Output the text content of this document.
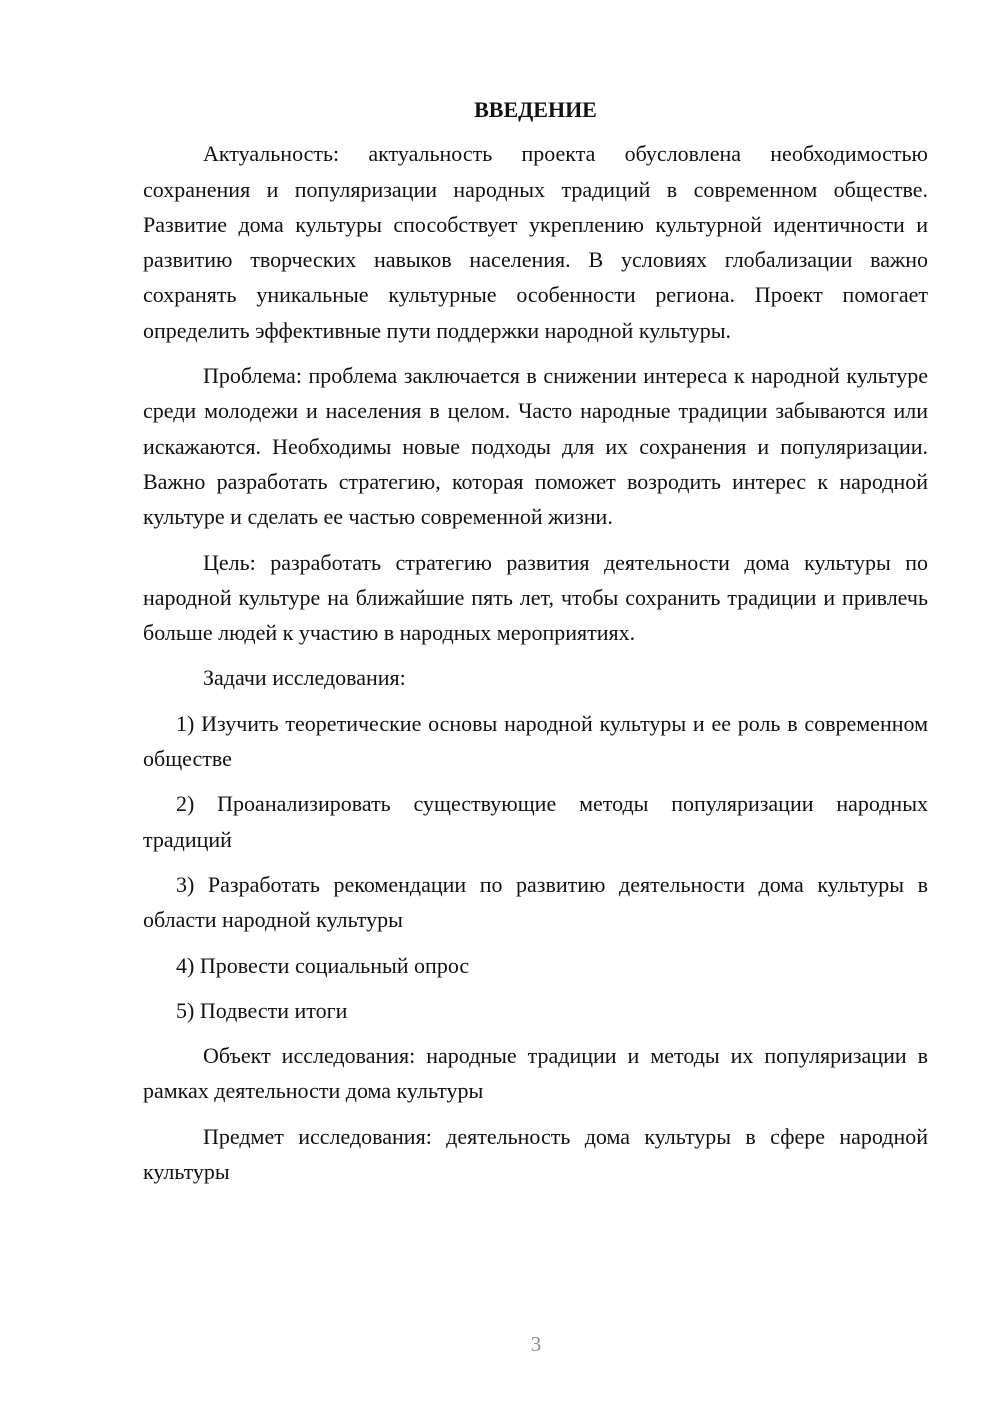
ВВЕДЕНИЕ

Актуальность: актуальность проекта обусловлена необходимостью сохранения и популяризации народных традиций в современном обществе. Развитие дома культуры способствует укреплению культурной идентичности и развитию творческих навыков населения. В условиях глобализации важно сохранять уникальные культурные особенности региона. Проект помогает определить эффективные пути поддержки народной культуры.

Проблема: проблема заключается в снижении интереса к народной культуре среди молодежи и населения в целом. Часто народные традиции забываются или искажаются. Необходимы новые подходы для их сохранения и популяризации. Важно разработать стратегию, которая поможет возродить интерес к народной культуре и сделать ее частью современной жизни.

Цель: разработать стратегию развития деятельности дома культуры по народной культуре на ближайшие пять лет, чтобы сохранить традиции и привлечь больше людей к участию в народных мероприятиях.

Задачи исследования:

1) Изучить теоретические основы народной культуры и ее роль в современном обществе

2) Проанализировать существующие методы популяризации народных традиций

3) Разработать рекомендации по развитию деятельности дома культуры в области народной культуры

4) Провести социальный опрос

5) Подвести итоги

Объект исследования: народные традиции и методы их популяризации в рамках деятельности дома культуры

Предмет исследования: деятельность дома культуры в сфере народной культуры

3
